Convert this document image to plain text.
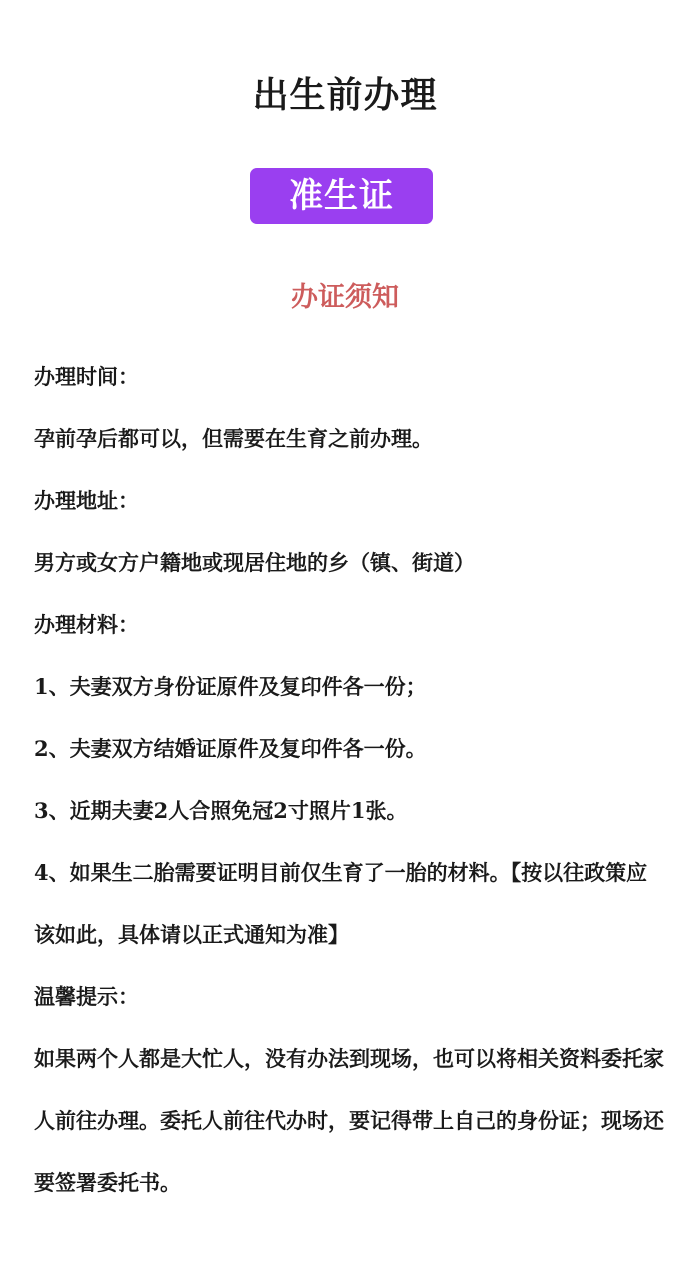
出生前办理
准生证
办证须知
办理时间：
孕前孕后都可以，但需要在生育之前办理。
办理地址：
男方或女方户籍地或现居住地的乡（镇、街道）
办理材料：
1、夫妻双方身份证原件及复印件各一份；
2、夫妻双方结婚证原件及复印件各一份。
3、近期夫妻2人合照免冠2寸照片1张。
4、如果生二胎需要证明目前仅生育了一胎的材料。【按以往政策应该如此，具体请以正式通知为准】
温馨提示：
如果两个人都是大忙人，没有办法到现场，也可以将相关资料委托家人前往办理。委托人前往代办时，要记得带上自己的身份证；现场还要签署委托书。
